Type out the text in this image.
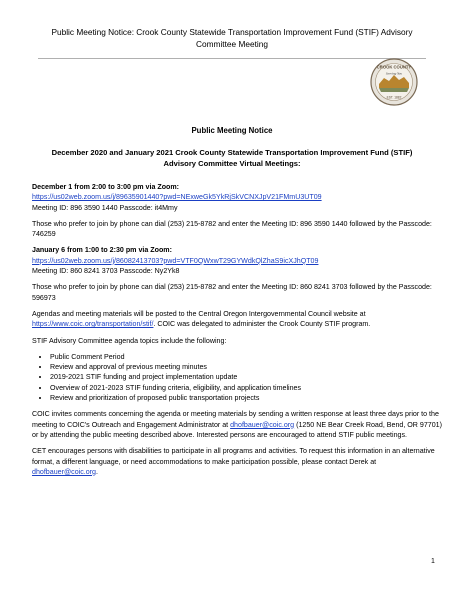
Public Meeting Notice: Crook County Statewide Transportation Improvement Fund (STIF) Advisory
Committee Meeting
CROOK COUNTY
Serving You
EST. 1882
Public Meeting Notice
December 2020 and January 2021 Crook County Statewide Transportation Improvement Fund (STIF)
Advisory Committee Virtual Meetings:

December 1 from 2:00 to 3:00 pm via Zoom:
https://us02web.zoom.us/j/89635901440?pwd=NExweGk5YkRjSkVCNXJpV21FMmU3UT09
Meeting ID: 896 3590 1440 Passcode: it4Mmy

Those who prefer to join by phone can dial (253) 215-8782 and enter the Meeting ID: 896 3590 1440 followed by the Passcode: 746259

January 6 from 1:00 to 2:30 pm via Zoom:
https://us02web.zoom.us/j/86082413703?pwd=VTF0QWxwT29GYWdkQlZhaS9icXJhQT09
Meeting ID: 860 8241 3703 Passcode: Ny2Yk8

Those who prefer to join by phone can dial (253) 215-8782 and enter the Meeting ID: 860 8241 3703 followed by the Passcode: 596973

Agendas and meeting materials will be posted to the Central Oregon Intergovernmental Council website at https://www.coic.org/transportation/stif/. COIC was delegated to administer the Crook County STIF program.

STIF Advisory Committee agenda topics include the following:

• Public Comment Period
• Review and approval of previous meeting minutes
• 2019-2021 STIF funding and project implementation update
• Overview of 2021-2023 STIF funding criteria, eligibility, and application timelines
• Review and prioritization of proposed public transportation projects

COIC invites comments concerning the agenda or meeting materials by sending a written response at least three days prior to the meeting to COIC's Outreach and Engagement Administrator at dhofbauer@coic.org (1250 NE Bear Creek Road, Bend, OR 97701) or by attending the public meeting described above. Interested persons are encouraged to attend STIF public meetings.

CET encourages persons with disabilities to participate in all programs and activities. To request this information in an alternative format, a different language, or need accommodations to make participation possible, please contact Derek at dhofbauer@coic.org.

1
